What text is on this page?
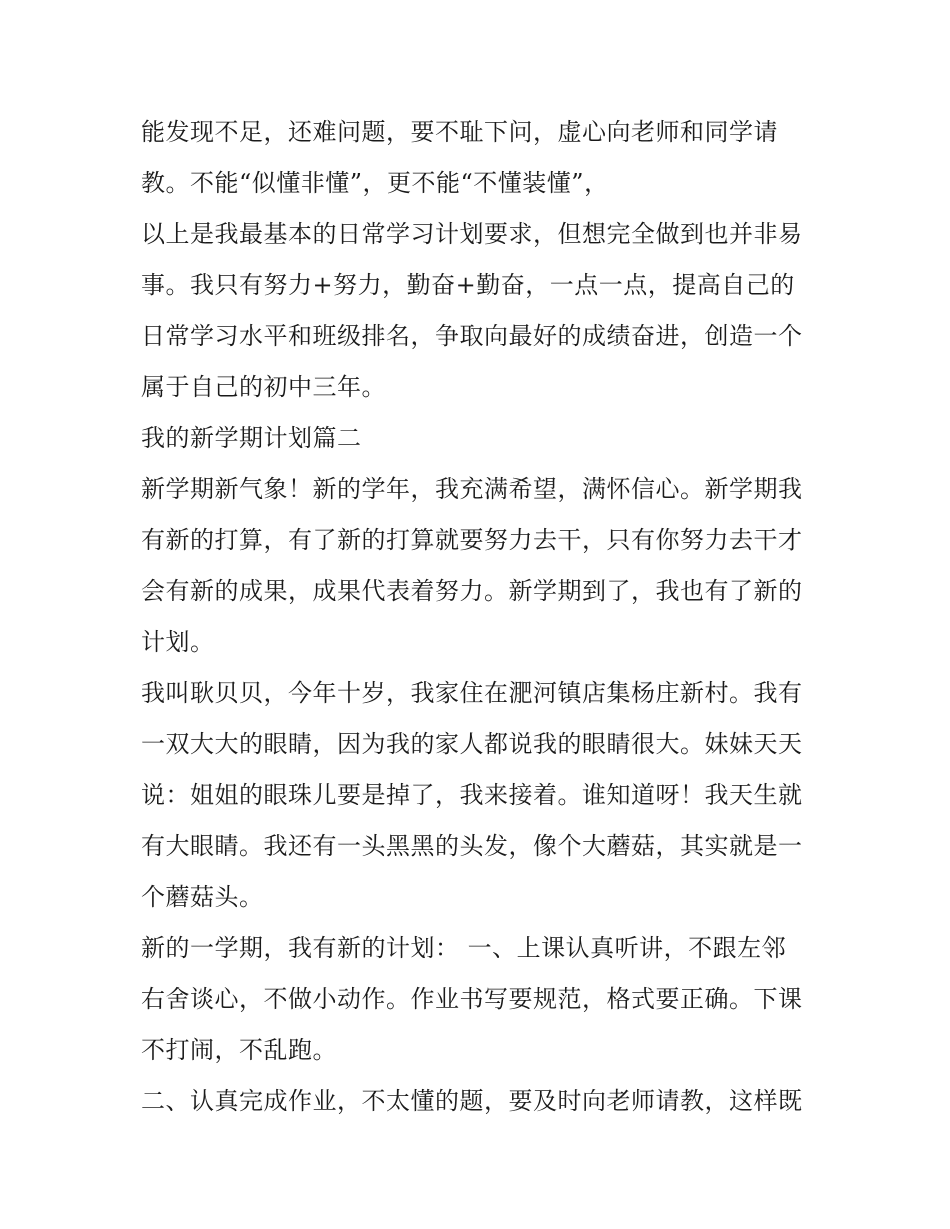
能发现不足，还难问题，要不耻下问，虚心向老师和同学请
教。不能“似懂非懂”，更不能“不懂装懂”，
以上是我最基本的日常学习计划要求，但想完全做到也并非易
事。我只有努力+努力，勤奋+勤奋，一点一点，提高自己的
日常学习水平和班级排名，争取向最好的成绩奋进，创造一个
属于自己的初中三年。
我的新学期计划篇二
新学期新气象！新的学年，我充满希望，满怀信心。新学期我
有新的打算，有了新的打算就要努力去干，只有你努力去干才
会有新的成果，成果代表着努力。新学期到了，我也有了新的
计划。
我叫耿贝贝，今年十岁，我家住在淝河镇店集杨庄新村。我有
一双大大的眼睛，因为我的家人都说我的眼睛很大。妹妹天天
说：姐姐的眼珠儿要是掉了，我来接着。谁知道呀！我天生就
有大眼睛。我还有一头黑黑的头发，像个大蘑菇，其实就是一
个蘑菇头。
新的一学期，我有新的计划： 一、上课认真听讲，不跟左邻
右舍谈心，不做小动作。作业书写要规范，格式要正确。下课
不打闹，不乱跑。
二、认真完成作业，不太懂的题，要及时向老师请教，这样既
